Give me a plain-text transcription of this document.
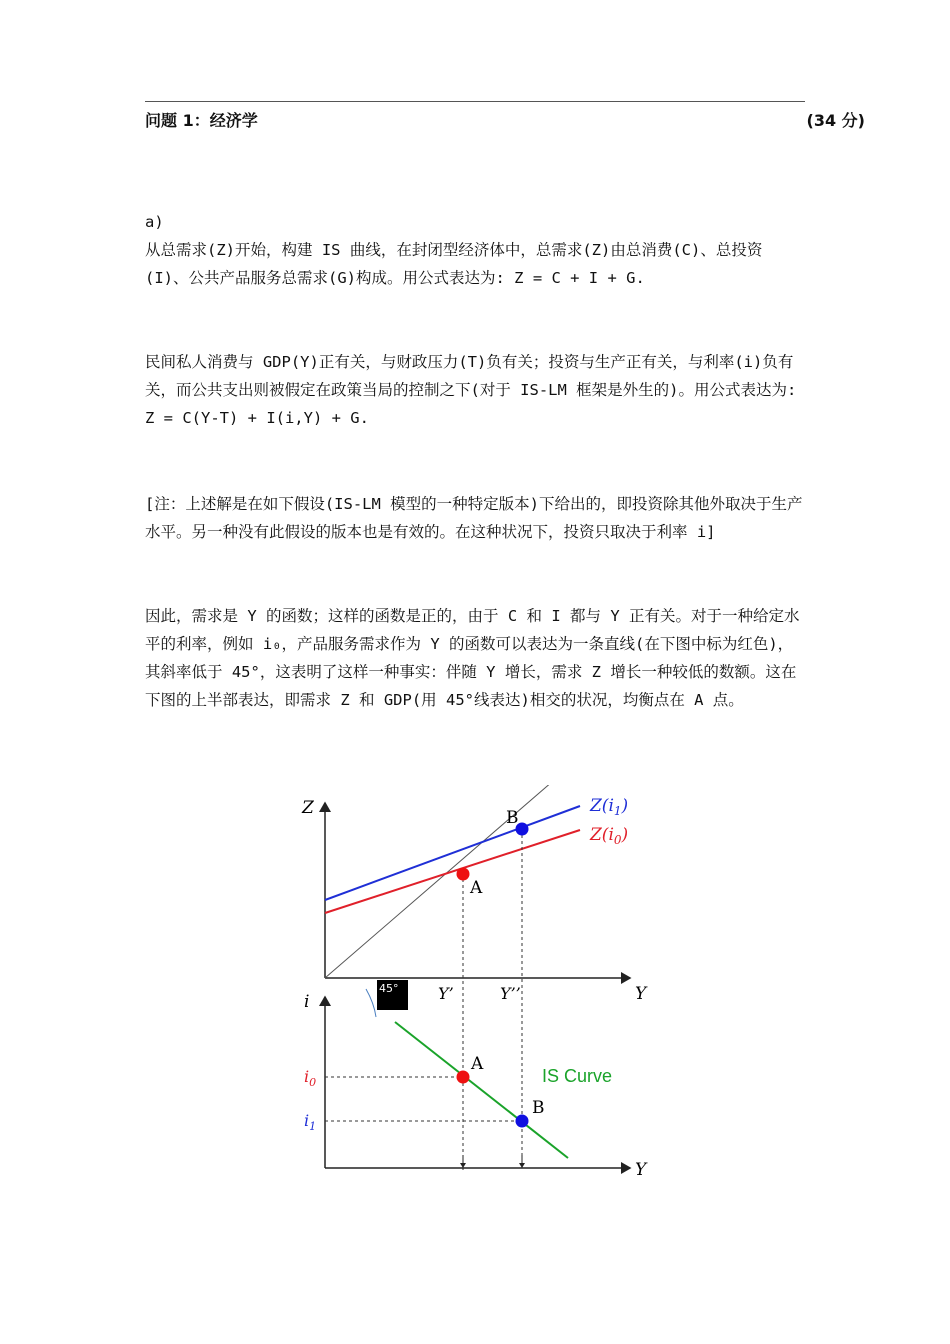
问题 1：经济学	(34 分)
a)

从总需求(Z)开始，构建 IS 曲线，在封闭型经济体中，总需求(Z)由总消费(C)、总投资(I)、公共产品服务总需求(G)构成。用公式表达为: Z = C + I + G.

民间私人消费与 GDP(Y)正有关，与财政压力(T)负有关；投资与生产正有关，与利率(i)负有关，而公共支出则被假定在政策当局的控制之下(对于 IS-LM 框架是外生的)。用公式表达为:

Z = C(Y-T) + I(i,Y) + G.

[注：上述解是在如下假设(IS-LM 模型的一种特定版本)下给出的，即投资除其他外取决于生产水平。另一种没有此假设的版本也是有效的。在这种状况下，投资只取决于利率 i]

因此，需求是 Y 的函数；这样的函数是正的，由于 C 和 I 都与 Y 正有关。对于一种给定水平的利率，例如 i₀，产品服务需求作为 Y 的函数可以表达为一条直线(在下图中标为红色)，其斜率低于 45°，这表明了这样一种事实：伴随 Y 增长，需求 Z 增长一种较低的数额。这在下图的上半部表达，即需求 Z 和 GDP(用 45°线表达)相交的状况，均衡点在 A 点。

Z
Y
$Z(i_1)$
$Z(i_0)$
A
B
Y’	Y’’
i
Y
IS Curve
A
B
$i_0$
$i_1$
45°
